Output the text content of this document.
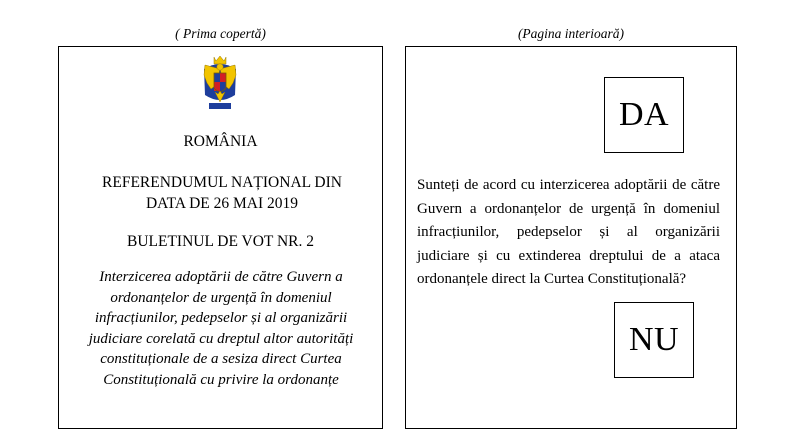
( Prima copertă)	(Pagina interioară)
ROMÂNIA
REFERENDUMUL NAȚIONAL DIN DATA DE 26 MAI 2019
BULETINUL DE VOT NR. 2
Interzicerea adoptării de către Guvern a ordonanțelor de urgență în domeniul infracțiunilor, pedepselor și al organizării judiciare corelată cu dreptul altor autorități constituționale de a sesiza direct Curtea Constituțională cu privire la ordonanțe
DA
Sunteți de acord cu interzicerea adoptării de către Guvern a ordonanțelor de urgență în domeniul infracțiunilor, pedepselor și al organizării judiciare și cu extinderea dreptului de a ataca ordonanțele direct la Curtea Constituțională?
NU
